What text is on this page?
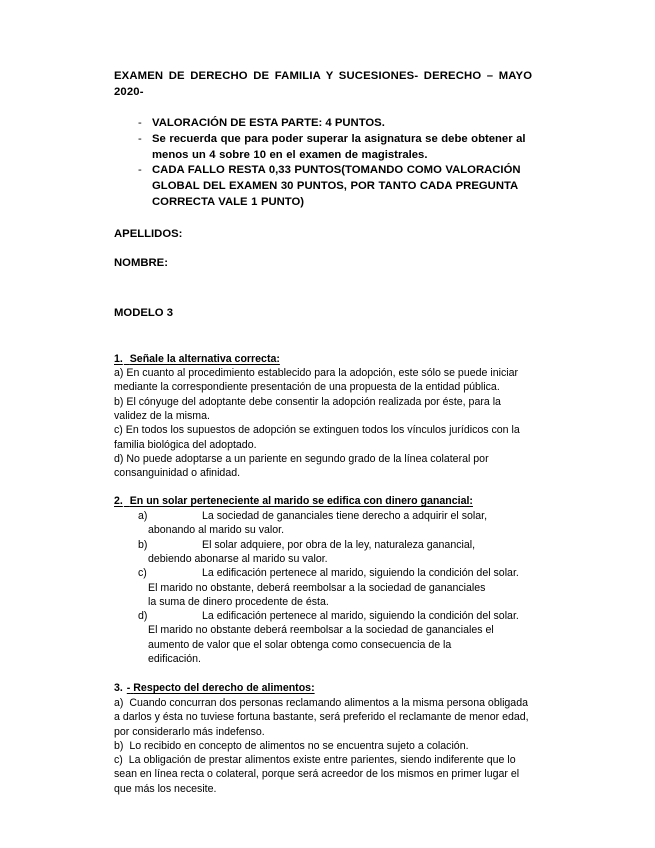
EXAMEN DE DERECHO DE FAMILIA Y SUCESIONES- DERECHO – MAYO
2020-

- VALORACIÓN DE ESTA PARTE: 4 PUNTOS.
- Se recuerda que para poder superar la asignatura se debe obtener al
menos un 4 sobre 10 en el examen de magistrales.
- CADA FALLO RESTA 0,33 PUNTOS(TOMANDO COMO VALORACIÓN
GLOBAL DEL EXAMEN 30 PUNTOS, POR TANTO CADA PREGUNTA
CORRECTA VALE 1 PUNTO)

APELLIDOS:

NOMBRE:

MODELO 3

1. Señale la alternativa correcta:

a) En cuanto al procedimiento establecido para la adopción, este sólo se puede iniciar
mediante la correspondiente presentación de una propuesta de la entidad pública.

b) El cónyuge del adoptante debe consentir la adopción realizada por éste, para la
validez de la misma.

c) En todos los supuestos de adopción se extinguen todos los vínculos jurídicos con la
familia biológica del adoptado.

d) No puede adoptarse a un pariente en segundo grado de la línea colateral por
consanguinidad o afinidad.

2. En un solar perteneciente al marido se edifica con dinero ganancial:

a)	La sociedad de gananciales tiene derecho a adquirir el solar,
abonando al marido su valor.
b)	El solar adquiere, por obra de la ley, naturaleza ganancial,
debiendo abonarse al marido su valor.
c)	La edificación pertenece al marido, siguiendo la condición del solar.
El marido no obstante, deberá reembolsar a la sociedad de gananciales
la suma de dinero procedente de ésta.
d)	La edificación pertenece al marido, siguiendo la condición del solar.
El marido no obstante deberá reembolsar a la sociedad de gananciales el
aumento de valor que el solar obtenga como consecuencia de la
edificación.

3. - Respecto del derecho de alimentos:

a) Cuando concurran dos personas reclamando alimentos a la misma persona obligada
a darlos y ésta no tuviese fortuna bastante, será preferido el reclamante de menor edad,
por considerarlo más indefenso.

b) Lo recibido en concepto de alimentos no se encuentra sujeto a colación.

c) La obligación de prestar alimentos existe entre parientes, siendo indiferente que lo
sean en línea recta o colateral, porque será acreedor de los mismos en primer lugar el
que más los necesite.
